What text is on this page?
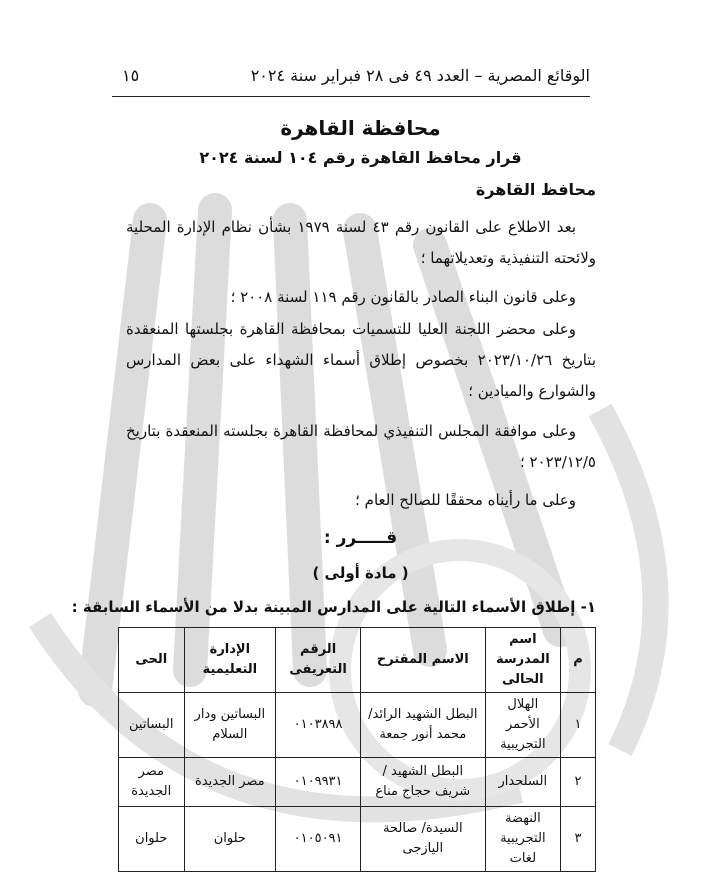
الوقائع المصرية – العدد ٤٩ فى ٢٨ فبراير سنة ٢٠٢٤
١٥
محافظة القاهرة
قرار محافظ القاهرة رقم ١٠٤ لسنة ٢٠٢٤
محافظ القاهرة
بعد الاطلاع على القانون رقم ٤٣ لسنة ١٩٧٩ بشأن نظام الإدارة المحلية ولائحته التنفيذية وتعديلاتهما ؛
وعلى قانون البناء الصادر بالقانون رقم ١١٩ لسنة ٢٠٠٨ ؛
وعلى محضر اللجنة العليا للتسميات بمحافظة القاهرة بجلستها المنعقدة بتاريخ ٢٠٢٣/١٠/٢٦ بخصوص إطلاق أسماء الشهداء على بعض المدارس والشوارع والميادين ؛
وعلى موافقة المجلس التنفيذي لمحافظة القاهرة بجلسته المنعقدة بتاريخ ٢٠٢٣/١٢/٥ ؛
وعلى ما رأيناه محققًا للصالح العام ؛
قـــــرر :
( مادة أولى )
١- إطلاق الأسماء التالية على المدارس المبينة بدلا من الأسماء السابقة :
م	اسم المدرسة الحالى	الاسم المقترح	الرقم التعريفى	الإدارة التعليمية	الحى
١	الهلال الأحمر التجريبية	البطل الشهيد الرائد/ محمد أنور جمعة	٠١٠٣٨٩٨	البساتين ودار السلام	البساتين
٢	السلحدار	البطل الشهيد / شريف حجاج مناع	٠١٠٩٩٣١	مصر الجديدة	مصر الجديدة
٣	النهضة التجريبية لغات	السيدة/ صالحة اليازجى	٠١٠٥٠٩١	حلوان	حلوان
